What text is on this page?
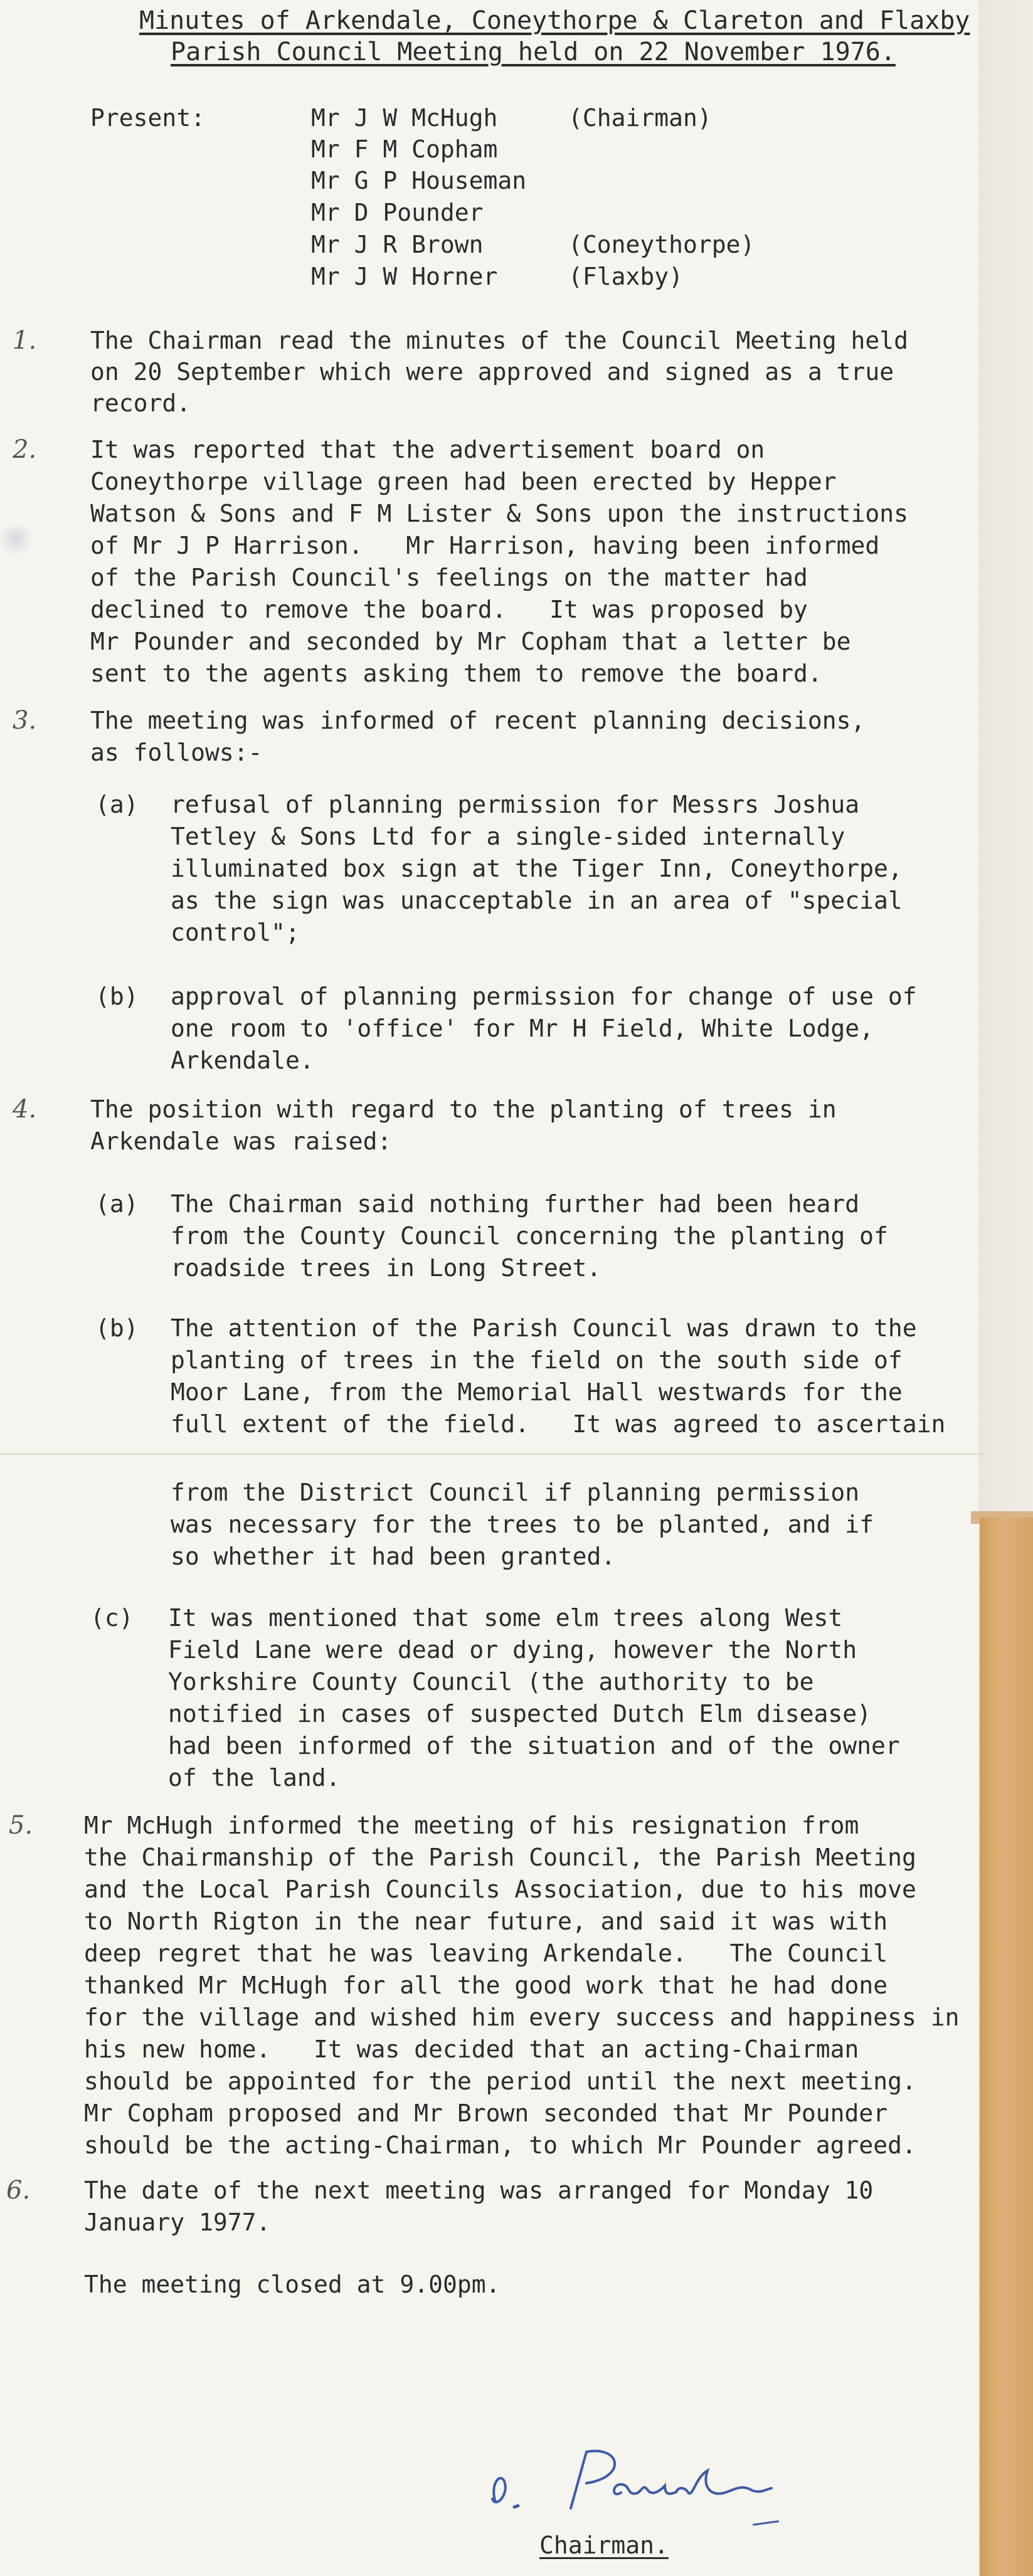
Minutes of Arkendale, Coneythorpe & Clareton and Flaxby
Parish Council Meeting held on 22 November 1976.
Present:	Mr J W McHugh	(Chairman)
Mr F M Copham
Mr G P Houseman
Mr D Pounder
Mr J R Brown	(Coneythorpe)
Mr J W Horner	(Flaxby)
1. The Chairman read the minutes of the Council Meeting held
on 20 September which were approved and signed as a true
record.
2. It was reported that the advertisement board on
Coneythorpe village green had been erected by Hepper
Watson & Sons and F M Lister & Sons upon the instructions
of Mr J P Harrison.   Mr Harrison, having been informed
of the Parish Council's feelings on the matter had
declined to remove the board.   It was proposed by
Mr Pounder and seconded by Mr Copham that a letter be
sent to the agents asking them to remove the board.
3. The meeting was informed of recent planning decisions,
as follows:-
(a) refusal of planning permission for Messrs Joshua
Tetley & Sons Ltd for a single-sided internally
illuminated box sign at the Tiger Inn, Coneythorpe,
as the sign was unacceptable in an area of "special
control";
(b) approval of planning permission for change of use of
one room to 'office' for Mr H Field, White Lodge,
Arkendale.
4. The position with regard to the planting of trees in
Arkendale was raised:
(a) The Chairman said nothing further had been heard
from the County Council concerning the planting of
roadside trees in Long Street.
(b) The attention of the Parish Council was drawn to the
planting of trees in the field on the south side of
Moor Lane, from the Memorial Hall westwards for the
full extent of the field.   It was agreed to ascertain
from the District Council if planning permission
was necessary for the trees to be planted, and if
so whether it had been granted.
(c) It was mentioned that some elm trees along West
Field Lane were dead or dying, however the North
Yorkshire County Council (the authority to be
notified in cases of suspected Dutch Elm disease)
had been informed of the situation and of the owner
of the land.
5. Mr McHugh informed the meeting of his resignation from
the Chairmanship of the Parish Council, the Parish Meeting
and the Local Parish Councils Association, due to his move
to North Rigton in the near future, and said it was with
deep regret that he was leaving Arkendale.   The Council
thanked Mr McHugh for all the good work that he had done
for the village and wished him every success and happiness in
his new home.   It was decided that an acting-Chairman
should be appointed for the period until the next meeting.
Mr Copham proposed and Mr Brown seconded that Mr Pounder
should be the acting-Chairman, to which Mr Pounder agreed.
6. The date of the next meeting was arranged for Monday 10
January 1977.
The meeting closed at 9.00pm.
Chairman.
